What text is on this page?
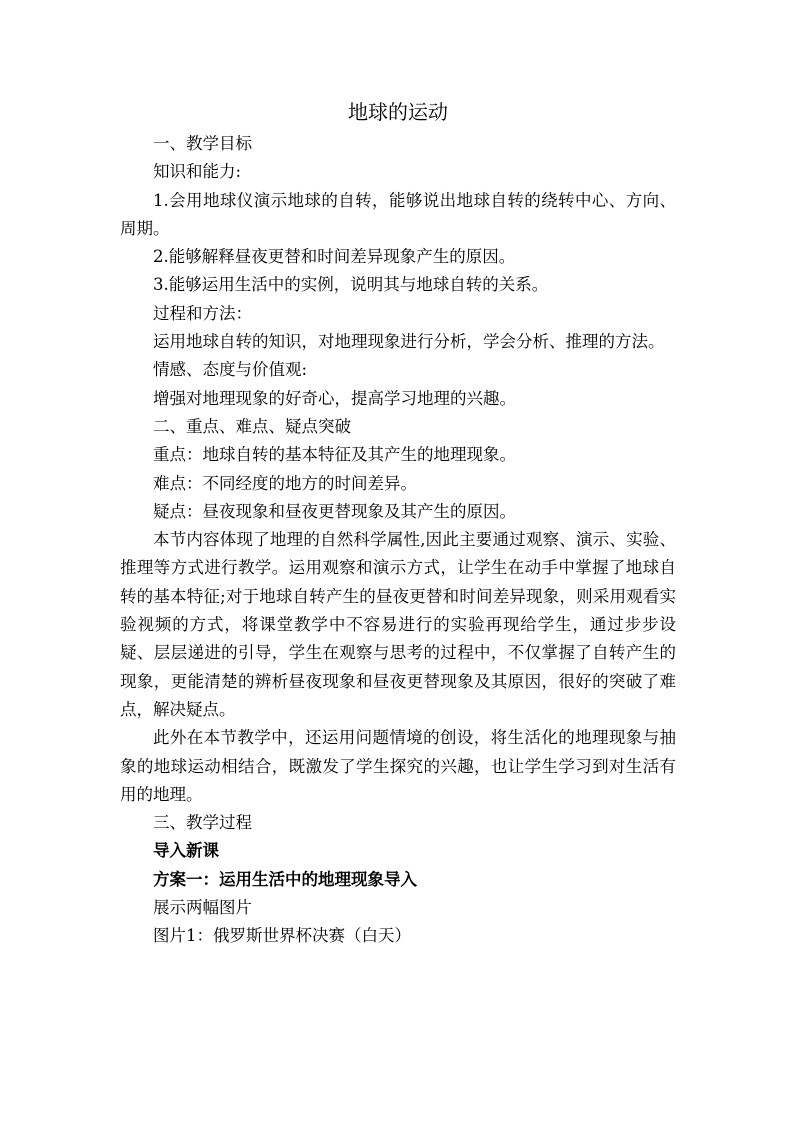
地球的运动

一、教学目标

知识和能力:

1.会用地球仪演示地球的自转，能够说出地球自转的绕转中心、方向、周期。

2.能够解释昼夜更替和时间差异现象产生的原因。

3.能够运用生活中的实例，说明其与地球自转的关系。

过程和方法：

运用地球自转的知识，对地理现象进行分析，学会分析、推理的方法。

情感、态度与价值观:

增强对地理现象的好奇心，提高学习地理的兴趣。

二、重点、难点、疑点突破

重点：地球自转的基本特征及其产生的地理现象。

难点：不同经度的地方的时间差异。

疑点：昼夜现象和昼夜更替现象及其产生的原因。

本节内容体现了地理的自然科学属性,因此主要通过观察、演示、实验、推理等方式进行教学。运用观察和演示方式，让学生在动手中掌握了地球自转的基本特征;对于地球自转产生的昼夜更替和时间差异现象，则采用观看实验视频的方式，将课堂教学中不容易进行的实验再现给学生，通过步步设疑、层层递进的引导，学生在观察与思考的过程中，不仅掌握了自转产生的现象，更能清楚的辨析昼夜现象和昼夜更替现象及其原因，很好的突破了难点，解决疑点。

此外在本节教学中，还运用问题情境的创设，将生活化的地理现象与抽象的地球运动相结合，既激发了学生探究的兴趣，也让学生学习到对生活有用的地理。

三、教学过程

导入新课

方案一：运用生活中的地理现象导入

展示两幅图片

图片1：俄罗斯世界杯决赛（白天）
